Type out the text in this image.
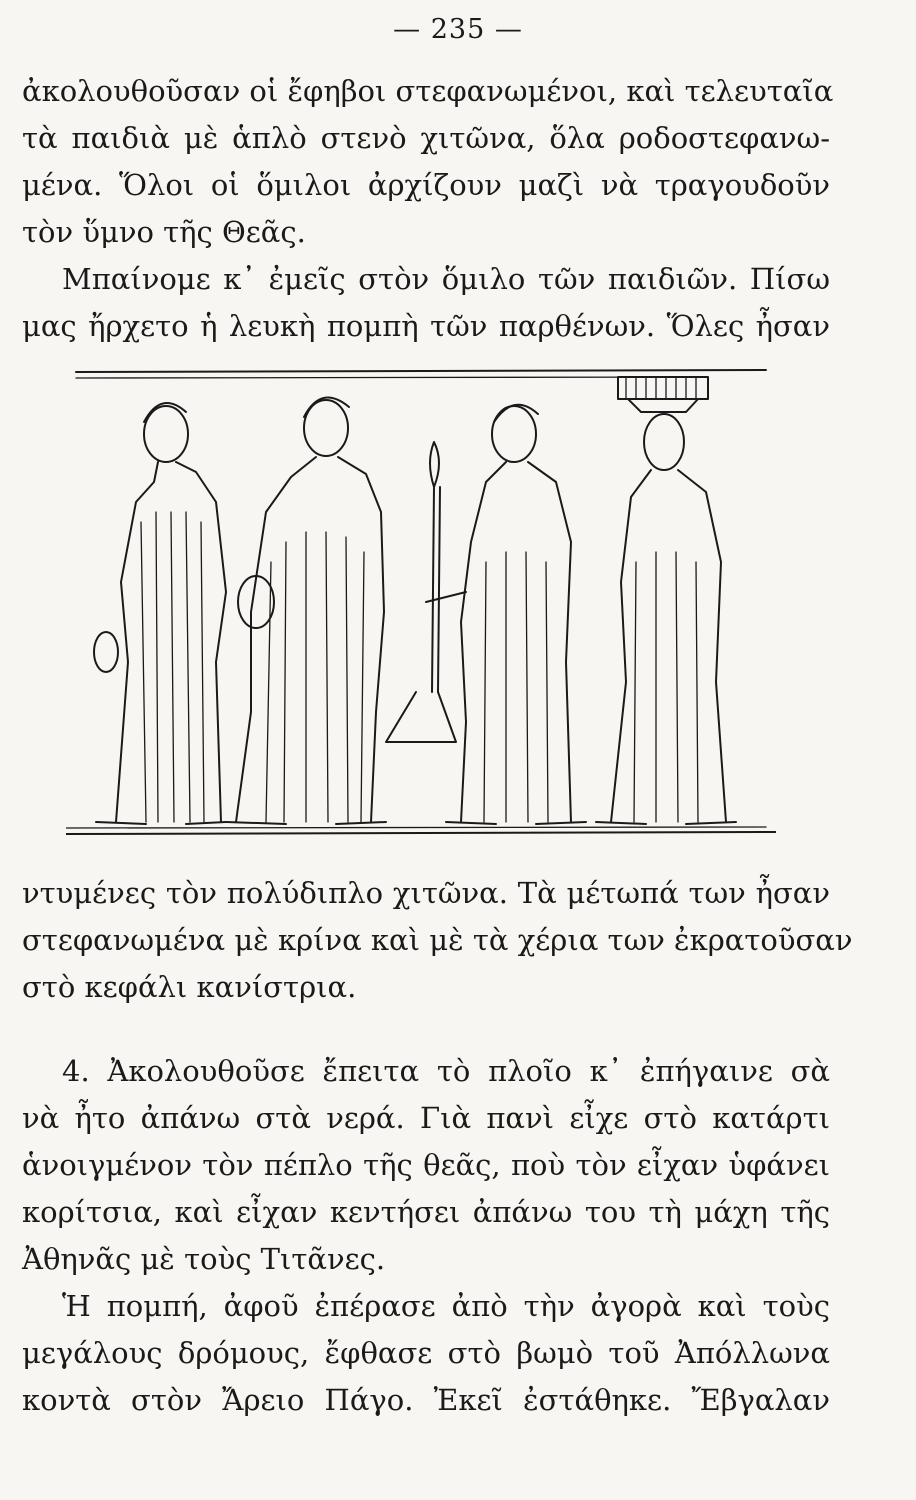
— 235 —
ἀκολουθοῦσαν οἱ ἔφηβοι στεφανωμένοι, καὶ τελευταῖα
τὰ παιδιὰ μὲ ἁπλὸ στενὸ χιτῶνα, ὅλα ροδοστεφανω-
μένα. Ὅλοι οἱ ὅμιλοι ἀρχίζουν μαζὶ νὰ τραγουδοῦν
τὸν ὕμνο τῆς Θεᾶς.
Μπαίνομε κ᾿ ἐμεῖς στὸν ὅμιλο τῶν παιδιῶν. Πίσω
μας ἤρχετο ἡ λευκὴ πομπὴ τῶν παρθένων. Ὅλες ἦσαν
ντυμένες τὸν πολύδιπλο χιτῶνα. Τὰ μέτωπά των ἦσαν
στεφανωμένα μὲ κρίνα καὶ μὲ τὰ χέρια των ἐκρατοῦσαν
στὸ κεφάλι κανίστρια.
4. Ἀκολουθοῦσε ἔπειτα τὸ πλοῖο κ᾿ ἐπήγαινε σὰ
νὰ ἦτο ἀπάνω στὰ νερά. Γιὰ πανὶ εἶχε στὸ κατάρτι
ἁνοιγμένον τὸν πέπλο τῆς θεᾶς, ποὺ τὸν εἶχαν ὑφάνει
κορίτσια, καὶ εἶχαν κεντήσει ἀπάνω του τὴ μάχη τῆς
Ἀθηνᾶς μὲ τοὺς Τιτᾶνες.
Ἡ πομπή, ἀφοῦ ἐπέρασε ἀπὸ τὴν ἀγορὰ καὶ τοὺς
μεγάλους δρόμους, ἔφθασε στὸ βωμὸ τοῦ Ἀπόλλωνα
κοντὰ στὸν Ἄρειο Πάγο. Ἐκεῖ ἐστάθηκε. Ἔβγαλαν
